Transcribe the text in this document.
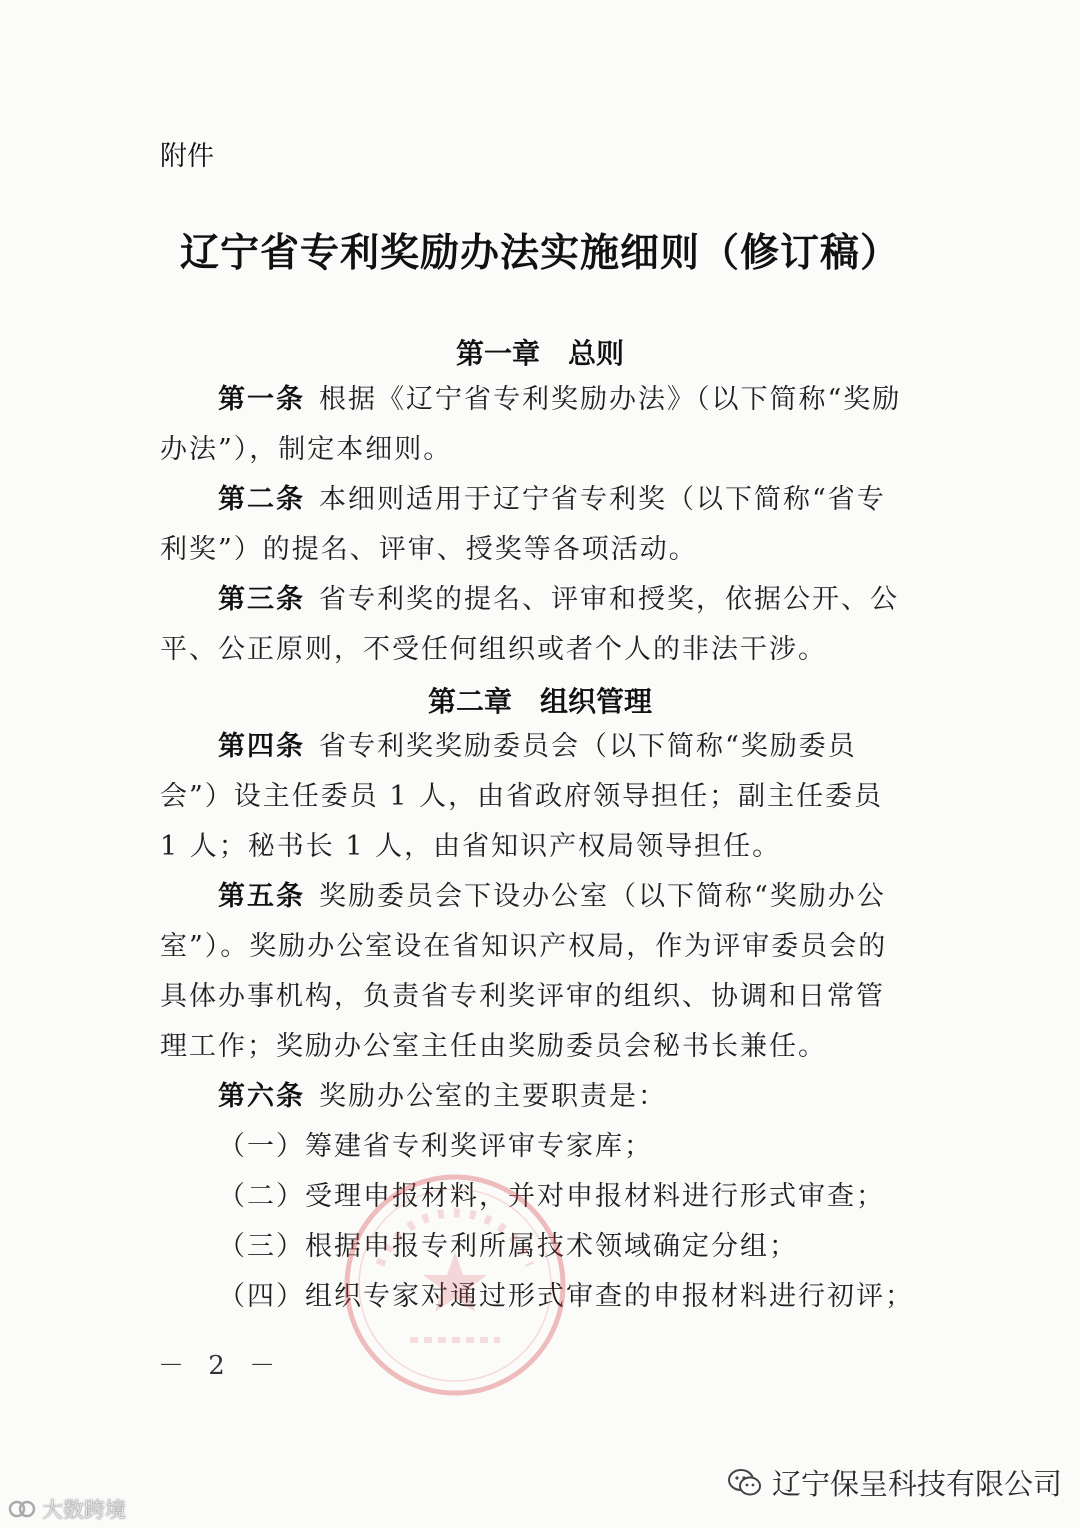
附件
辽宁省专利奖励办法实施细则（修订稿）
第一章 总则
第一条 根据《辽宁省专利奖励办法》（以下简称“奖励办法”），制定本细则。
第二条 本细则适用于辽宁省专利奖（以下简称“省专利奖”）的提名、评审、授奖等各项活动。
第三条 省专利奖的提名、评审和授奖，依据公开、公平、公正原则，不受任何组织或者个人的非法干涉。
第二章 组织管理
第四条 省专利奖奖励委员会（以下简称“奖励委员会”）设主任委员 1 人，由省政府领导担任；副主任委员 1 人；秘书长 1 人，由省知识产权局领导担任。
第五条 奖励委员会下设办公室（以下简称“奖励办公室”）。奖励办公室设在省知识产权局，作为评审委员会的具体办事机构，负责省专利奖评审的组织、协调和日常管理工作；奖励办公室主任由奖励委员会秘书长兼任。
第六条 奖励办公室的主要职责是：
（一）筹建省专利奖评审专家库；
（二）受理申报材料，并对申报材料进行形式审查；
（三）根据申报专利所属技术领域确定分组；
（四）组织专家对通过形式审查的申报材料进行初评；
－ 2 －
辽宁保呈科技有限公司
大数跨境
